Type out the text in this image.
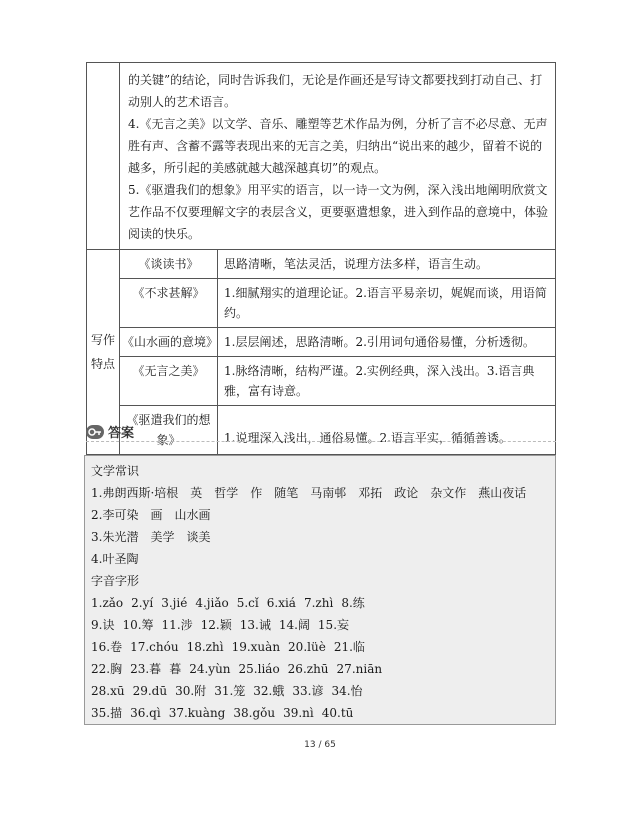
	的关键”的结论，同时告诉我们，无论是作画还是写诗文都要找到打动自己、打动别人的艺术语言。

4.《无言之美》以文学、音乐、雕塑等艺术作品为例，分析了言不必尽意、无声胜有声、含蓄不露等表现出来的无言之美，归纳出“说出来的越少，留着不说的越多，所引起的美感就越大越深越真切”的观点。

5.《驱遣我们的想象》用平实的语言，以一诗一文为例，深入浅出地阐明欣赏文艺作品不仅要理解文字的表层含义，更要驱遣想象，进入到作品的意境中，体验阅读的快乐。	

写作特点	《谈读书》	思路清晰，笔法灵活，说理方法多样，语言生动。
	《不求甚解》	1.细腻翔实的道理论证。2.语言平易亲切，娓娓而谈，用语简约。
	《山水画的意境》	1.层层阐述，思路清晰。2.引用词句通俗易懂，分析透彻。
	《无言之美》	1.脉络清晰，结构严谨。2.实例经典，深入浅出。3.语言典雅，富有诗意。
	《驱遣我们的想象》	1.说理深入浅出，通俗易懂。2.语言平实，循循善诱。
答案
文学常识
1.弗朗西斯·培根　英　哲学　作　随笔　马南邨　邓拓　政论　杂文作　燕山夜话
2.李可染　画　山水画
3.朱光潜　美学　谈美
4.叶圣陶
字音字形
1.zǎo 2.yí 3.jié 4.jiǎo 5.cǐ 6.xiá 7.zhì 8.练
9.诀 10.筹 11.涉 12.颖 13.诫 14.阔 15.妄
16.卷 17.chóu 18.zhì 19.xuàn 20.lüè 21.临
22.胸 23.暮 暮 24.yùn 25.liáo 26.zhū 27.niān
28.xū 29.dū 30.附 31.笼 32.蛾 33.谚 34.怡
35.描 36.qì 37.kuàng 38.gǒu 39.nì 40.tū
13 / 65
